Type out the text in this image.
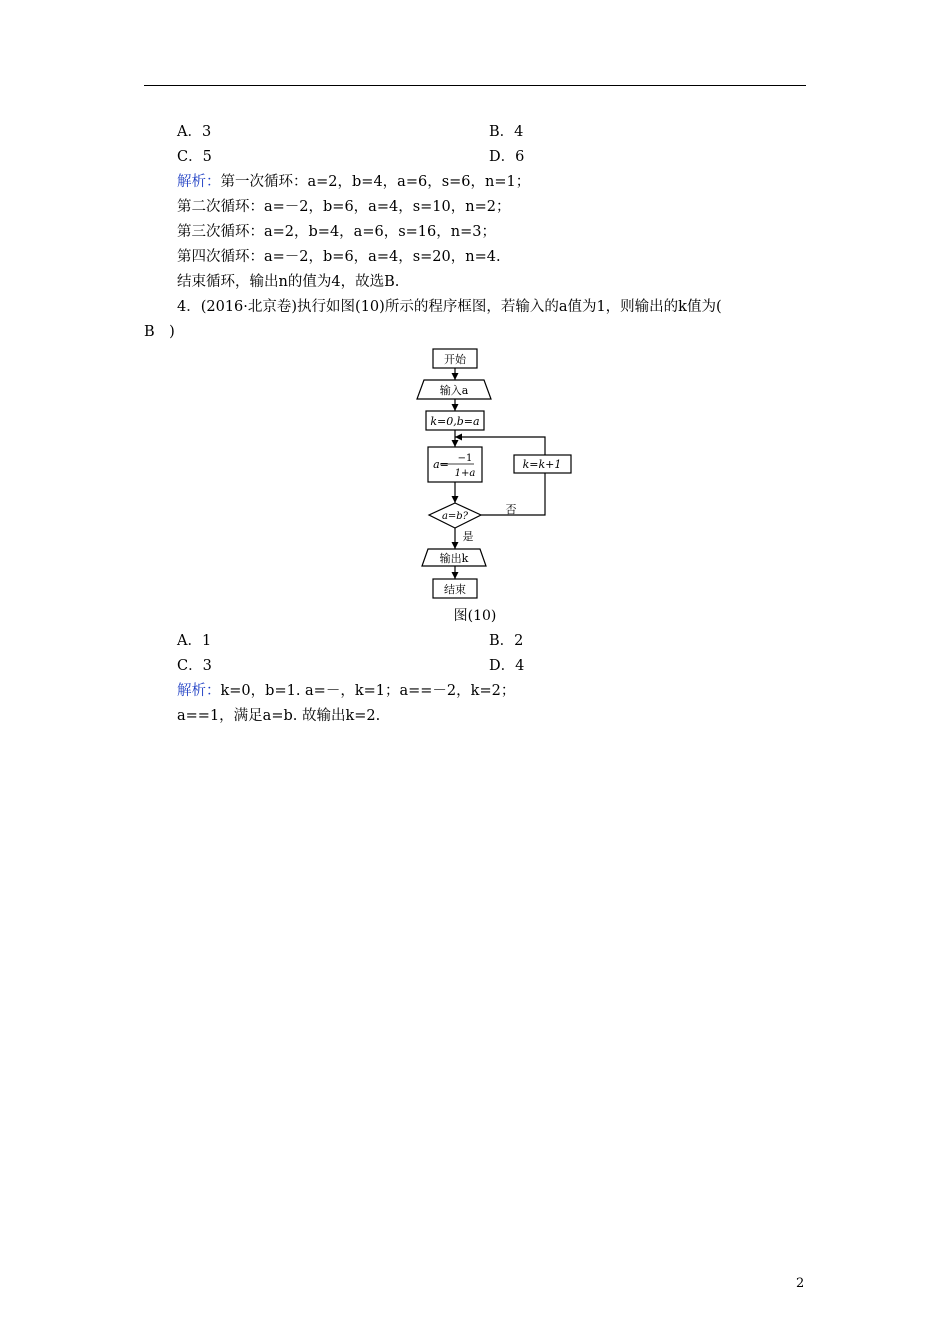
A．3	B．4
C．5	D．6
解析：第一次循环：a=2，b=4，a=6，s=6，n=1；
第二次循环：a=－2，b=6，a=4，s=10，n=2；
第三次循环：a=2，b=4，a=6，s=16，n=3；
第四次循环：a=－2，b=6，a=4，s=20，n=4.
结束循环，输出n的值为4，故选B.
4．(2016·北京卷)执行如图(10)所示的程序框图，若输入的a值为1，则输出的k值为(
B　)
开始
输入a
k=0,b=a
a= −1
1+a
k=k+1
a=b?
否
是
输出k
结束
图(10)
A．1	B．2
C．3	D．4
解析：k=0，b=1. a=－，k=1；a==－2，k=2；
a==1，满足a=b. 故输出k=2.
2
